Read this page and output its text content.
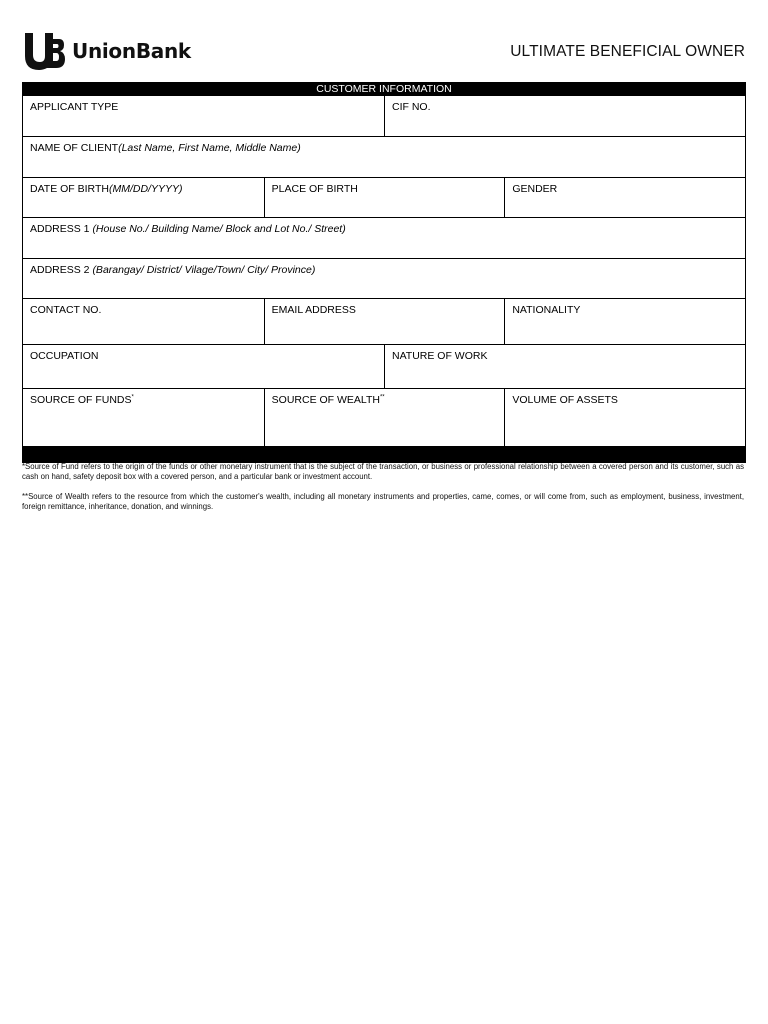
UnionBank	ULTIMATE BENEFICIAL OWNER
CUSTOMER INFORMATION
APPLICANT TYPE	CIF NO.
NAME OF CLIENT(Last Name, First Name, Middle Name)
DATE OF BIRTH(MM/DD/YYYY)	PLACE OF BIRTH	GENDER
ADDRESS 1 (House No./ Building Name/ Block and Lot No./ Street)
ADDRESS 2 (Barangay/ District/ Vilage/Town/ City/ Province)
CONTACT NO.	EMAIL ADDRESS	NATIONALITY
OCCUPATION	NATURE OF WORK
SOURCE OF FUNDS*	SOURCE OF WEALTH**	VOLUME OF ASSETS

*Source of Fund refers to the origin of the funds or other monetary instrument that is the subject of the transaction, or business or professional relationship between a covered person and its customer, such as cash on hand, safety deposit box with a covered person, and a particular bank or investment account.

**Source of Wealth refers to the resource from which the customer's wealth, including all monetary instruments and properties, came, comes, or will come from, such as employment, business, investment, foreign remittance, inheritance, donation, and winnings.
